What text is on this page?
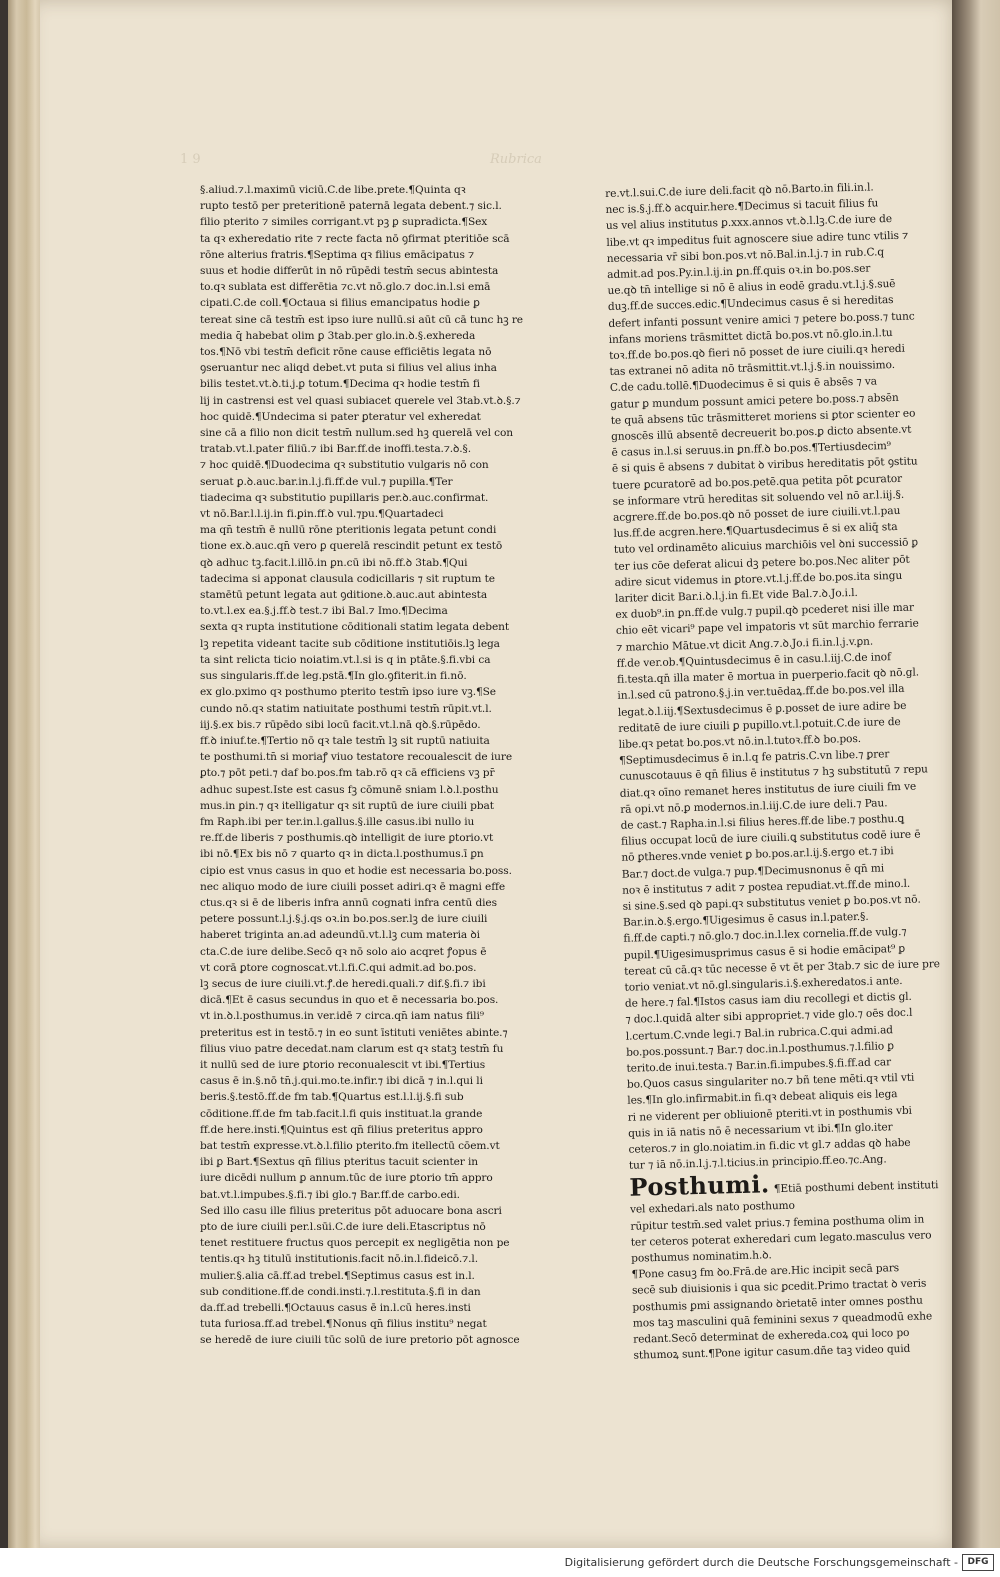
1 9	Rubrica

§.aliud.⁊.l.maximū viciū.C.de libe.prete.¶Quinta qꝛ

rupto testō per preteritionē paternā legata debent.⁊ sic.l.

filio pterito ⁊ similes corrigant.vt pꝫ ꝑ supradicta.¶Sex

ta qꝛ exheredatio rite ⁊ recte facta nō ꝯfirmat pteritiōe scā

rōne alterius fratris.¶Septima qꝛ filius emācipatus ⁊

suus et hodie differūt in nō rūpēdi testm̄ secus abintesta

to.qꝛ sublata est differētia ⁊c.vt nō.glo.⁊ doc.in.l.si emā

cipati.C.de coll.¶Octaua si filius emancipatus hodie ꝑ

tereat sine cā testm̄ est ipso iure nullū.si aūt cū cā tunc hꝫ re

media q̄ habebat olim ꝑ 3tab.per glo.in.ꝺ.§.exhereda

tos.¶Nō vbi testm̄ deficit rōne cause efficiētis legata nō

ꝯseruantur nec aliqd debet.vt puta si filius vel alius inha

bilis testet.vt.ꝺ.ti.j.ꝑ totum.¶Decima qꝛ hodie testm̄ fi

lij in castrensi est vel quasi subiacet querele vel 3tab.vt.ꝺ.§.⁊

hoc quidē.¶Undecima si pater ꝑteratur vel exheredat

sine cā a filio non dicit testm̄ nullum.sed hꝫ querelā vel con

tratab.vt.l.pater filiū.⁊ ibi Bar.ff.de inoffi.testa.⁊.ꝺ.§.

⁊ hoc quidē.¶Duodecima qꝛ substitutio vulgaris nō con

seruat ꝑ.ꝺ.auc.bar.in.l.j.fi.ff.de vul.⁊ pupilla.¶Ter

tiadecima qꝛ substitutio pupillaris per.ꝺ.auc.confirmat.

vt nō.Bar.l.l.ij.in fi.ꝑin.ff.ꝺ vul.⁊pu.¶Quartadeci

ma qn̄ testm̄ ē nullū rōne pteritionis legata petunt condi

tione ex.ꝺ.auc.qn̄ vero ꝑ querelā rescindit petunt ex testō

qꝺ adhuc tꝫ.facit.l.illō.in ꝑn.cū ibi nō.ff.ꝺ 3tab.¶Qui

tadecima si apponat clausula codicillaris ⁊ sit ruptum te

stamētū petunt legata aut ꝯditione.ꝺ.auc.aut abintesta

to.vt.l.ex ea.§.j.ff.ꝺ test.⁊ ibi Bal.⁊ Imo.¶Decima

sexta qꝛ rupta institutione cōditionali statim legata debent

lꝫ repetita videant tacite sub cōditione institutiōis.lꝫ lega

ta sint relicta ticio noiatim.vt.l.si is q in ptāte.§.fi.vbi ca

sus singularis.ff.de leg.pstā.¶In glo.ꝯfiterit.in fi.nō.

ex glo.pximo qꝛ posthumo pterito testm̄ ipso iure vꝫ.¶Se

cundo nō.qꝛ statim natiuitate posthumi testm̄ rūpit.vt.l.

iij.§.ex bis.⁊ rūpēdo sibi locū facit.vt.l.nā qꝺ.§.rūpēdo.

ff.ꝺ iniuf.te.¶Tertio nō qꝛ tale testm̄ lꝫ sit ruptū natiuita

te posthumi.tn̄ si moriaꝭ viuo testatore recoualescit de iure

ꝑto.⁊ pōt peti.⁊ daf bo.pos.fm tab.rō qꝛ cā efficiens vꝫ pr̄

adhuc supest.Iste est casus fꝫ cōmunē sniam l.ꝺ.l.posthu

mus.in ꝑin.⁊ qꝛ itelligatur qꝛ sit ruptū de iure ciuili pbat

fm Raph.ibi per ter.in.l.gallus.§.ille casus.ibi nullo iu

re.ff.de liberis ⁊ posthumis.qꝺ intelligit de iure ꝑtorio.vt

ibi nō.¶Ex bis nō ⁊ quarto qꝛ in dicta.l.posthumus.ī ꝑn

cipio est vnus casus in quo et hodie est necessaria bo.poss.

nec aliquo modo de iure ciuili posset adiri.qꝛ ē magni effe

ctus.qꝛ si ē de liberis infra annū cognati infra centū dies

petere possunt.l.j.§.j.qs oꝛ.in bo.pos.ser.lꝫ de iure ciuili

haberet triginta an.ad adeundū.vt.l.lꝫ cum materia ꝺi

cta.C.de iure delibe.Secō qꝛ nō solo aio acqret ꝭopus ē

vt corā ꝑtore cognoscat.vt.l.fi.C.qui admit.ad bo.pos.

lꝫ secus de iure ciuili.vt.ꝭ.de heredi.quali.⁊ dif.§.fi.⁊ ibi

dicā.¶Et ē casus secundus in quo et ē necessaria bo.pos.

vt in.ꝺ.l.posthumus.in ver.idē ⁊ circa.qn̄ iam natus fili⁹

preteritus est in testō.⁊ in eo sunt īstituti veniētes abinte.⁊

filius viuo patre decedat.nam clarum est qꝛ statꝫ testm̄ fu

it nullū sed de iure ꝑtorio reconualescit vt ibi.¶Tertius

casus ē in.§.nō tn̄.j.qui.mo.te.infir.⁊ ibi dicā ⁊ in.l.qui li

beris.§.testō.ff.de fm tab.¶Quartus est.l.l.ij.§.fi sub

cōditione.ff.de fm tab.facit.l.fi quis instituat.la grande

ff.de here.insti.¶Quintus est qn̄ filius preteritus appro

bat testm̄ expresse.vt.ꝺ.l.filio pterito.fm itellectū cōem.vt

ibi ꝑ Bart.¶Sextus qn̄ filius pteritus tacuit scienter in

iure dicēdi nullum ꝑ annum.tūc de iure ꝑtorio tm̄ appro

bat.vt.l.impubes.§.fi.⁊ ibi glo.⁊ Bar.ff.de carbo.edi.

Sed illo casu ille filius preteritus pōt aduocare bona ascri

pto de iure ciuili per.l.sūi.C.de iure deli.Etascriptus nō

tenet restituere fructus quos percepit ex negligētia non pe

tentis.qꝛ hꝫ titulū institutionis.facit nō.in.l.fideicō.⁊.l.

mulier.§.alia cā.ff.ad trebel.¶Septimus casus est in.l.

sub conditione.ff.de condi.insti.⁊.l.restituta.§.fi in dan

da.ff.ad trebelli.¶Octauus casus ē in.l.cū heres.insti

tuta furiosa.ff.ad trebel.¶Nonus qn̄ filius institu⁹ negat

se heredē de iure ciuili tūc solū de iure pretorio pōt agnosce

re.vt.l.sui.C.de iure deli.facit qꝺ nō.Barto.in fili.in.l.

nec is.§.j.ff.ꝺ acquir.here.¶Decimus si tacuit filius fu

us vel alius institutus ꝑ.xxx.annos vt.ꝺ.l.lꝫ.C.de iure de

libe.vt qꝛ impeditus fuit agnoscere siue adire tunc vtilis ⁊

necessaria vr̄ sibi bon.pos.vt nō.Bal.in.l.j.⁊ in rub.C.q

admit.ad pos.Py.in.l.ij.in ꝑn.ff.quis oꝛ.in bo.pos.ser

ue.qꝺ tn̄ intellige si nō ē alius in eodē gradu.vt.l.j.§.suē

duꝫ.ff.de succes.edic.¶Undecimus casus ē si hereditas

defert infanti possunt venire amici ⁊ petere bo.poss.⁊ tunc

infans moriens trāsmittet dictā bo.pos.vt nō.glo.in.l.tu

toꝛ.ff.de bo.pos.qꝺ fieri nō posset de iure ciuili.qꝛ heredi

tas extranei nō adita nō trāsmittit.vt.l.j.§.in nouissimo.

C.de cadu.tollē.¶Duodecimus ē si quis ē absēs ⁊ va

gatur ꝑ mundum possunt amici petere bo.poss.⁊ absēn

te quā absens tūc trāsmitteret moriens si ꝑtor scienter eo

gnoscēs illū absentē decreuerit bo.pos.ꝑ dicto absente.vt

ē casus in.l.si seruus.in ꝑn.ff.ꝺ bo.pos.¶Tertiusdecim⁹

ē si quis ē absens ⁊ dubitat ꝺ viribus hereditatis pōt ꝯstitu

tuere ꝑcuratorē ad bo.pos.petē.qua petita pōt ꝑcurator

se informare vtrū hereditas sit soluendo vel nō ar.l.iij.§.

acgrere.ff.de bo.pos.qꝺ nō posset de iure ciuili.vt.l.pau

lus.ff.de acgren.here.¶Quartusdecimus ē si ex aliq̄ sta

tuto vel ordinamēto alicuius marchiōis vel ꝺni successiō ꝑ

ter ius cōe deferat alicui dꝫ petere bo.pos.Nec aliter pōt

adire sicut videmus in ꝑtore.vt.l.j.ff.de bo.pos.ita singu

lariter dicit Bar.i.ꝺ.l.j.in fi.Et vide Bal.⁊.ꝺ.Jo.i.l.

ex duob⁹.in ꝑn.ff.de vulg.⁊ pupil.qꝺ pcederet nisi ille mar

chio eēt vicari⁹ pape vel impatoris vt sūt marchio ferrarie

⁊ marchio Mātue.vt dicit Ang.⁊.ꝺ.Jo.i fi.in.l.j.v.ꝑn.

ff.de ver.ob.¶Quintusdecimus ē in casu.l.iij.C.de inof

fi.testa.qn̄ illa mater ē mortua in puerperio.facit qꝺ nō.gl.

in.l.sed cū patrono.§.j.in ver.tuēdaꝝ.ff.de bo.pos.vel illa

legat.ꝺ.l.iij.¶Sextusdecimus ē ꝑ.posset de iure adire be

reditatē de iure ciuili ꝑ pupillo.vt.l.potuit.C.de iure de

libe.qꝛ petat bo.pos.vt nō.in.l.tutoꝛ.ff.ꝺ bo.pos.

¶Septimusdecimus ē in.l.q fe patris.C.vn libe.⁊ ꝑrer

cunuscotauus ē qn̄ filius ē institutus ⁊ hꝫ substitutū ⁊ repu

diat.qꝛ oīno remanet heres institutus de iure ciuili fm ve

rā opi.vt nō.ꝑ modernos.in.l.iij.C.de iure deli.⁊ Pau.

de cast.⁊ Rapha.in.l.si filius heres.ff.de libe.⁊ posthu.ꝗ

filius occupat locū de iure ciuili.ꝗ substitutus codē iure ē

nō ꝑtheres.vnde veniet ꝑ bo.pos.ar.l.ij.§.ergo et.⁊ ibi

Bar.⁊ doct.de vulga.⁊ pup.¶Decimusnonus ē qn̄ mi

noꝛ ē institutus ⁊ adit ⁊ postea repudiat.vt.ff.de mino.l.

si sine.§.sed qꝺ papi.qꝛ substitutus veniet ꝑ bo.pos.vt nō.

Bar.in.ꝺ.§.ergo.¶Uigesimus ē casus in.l.pater.§.

fi.ff.de capti.⁊ nō.glo.⁊ doc.in.l.lex cornelia.ff.de vulg.⁊

pupil.¶Uigesimusprimus casus ē si hodie emācipat⁹ ꝑ

tereat cū cā.qꝛ tūc necesse ē vt ēt per 3tab.⁊ sic de iure pre

torio veniat.vt nō.gl.singularis.i.§.exheredatos.i ante.

de here.⁊ fal.¶Istos casus iam diu recollegi et dictis gl.

⁊ doc.l.quidā alter sibi appropriet.⁊ vide glo.⁊ oēs doc.l

l.certum.C.vnde legi.⁊ Bal.in rubrica.C.qui admi.ad

bo.pos.possunt.⁊ Bar.⁊ doc.in.l.posthumus.⁊.l.filio ꝑ

terito.de inui.testa.⁊ Bar.in.fi.impubes.§.fi.ff.ad car

bo.Quos casus singulariter no.⁊ bñ tene mēti.qꝛ vtil vti

les.¶In glo.infirmabit.in fi.qꝛ debeat aliquis eis lega

ri ne viderent per obliuionē pteriti.vt in posthumis vbi

quis in iā natis nō ē necessarium vt ibi.¶In glo.iter

ceteros.⁊ in glo.noiatim.in fi.dic vt gl.⁊ addas qꝺ habe

tur ⁊ iā nō.in.l.j.⁊.l.ticius.in principio.ff.eo.⁊c.Ang.

Posthumi. ¶Etiā posthumi debent instituti

vel exhedari.als nato posthumo

rūpitur testm̄.sed valet prius.⁊ femina posthuma olim in

ter ceteros poterat exheredari cum legato.masculus vero

posthumus nominatim.h.ꝺ.

¶Pone casuꝫ fm ꝺo.Frā.de are.Hic incipit secā pars

secē sub diuisionis i qua sic ꝑcedit.Primo tractat ꝺ veris

posthumis ꝑmi assignando ꝺrietatē inter omnes posthu

mos taꝫ masculini quā feminini sexus ⁊ queadmodū exhe

redant.Secō determinat de exhereda.coꝝ qui loco po

sthumoꝝ sunt.¶Pone igitur casum.dñe taꝫ video quid

Digitalisierung gefördert durch die Deutsche Forschungsgemeinschaft -	DFG
